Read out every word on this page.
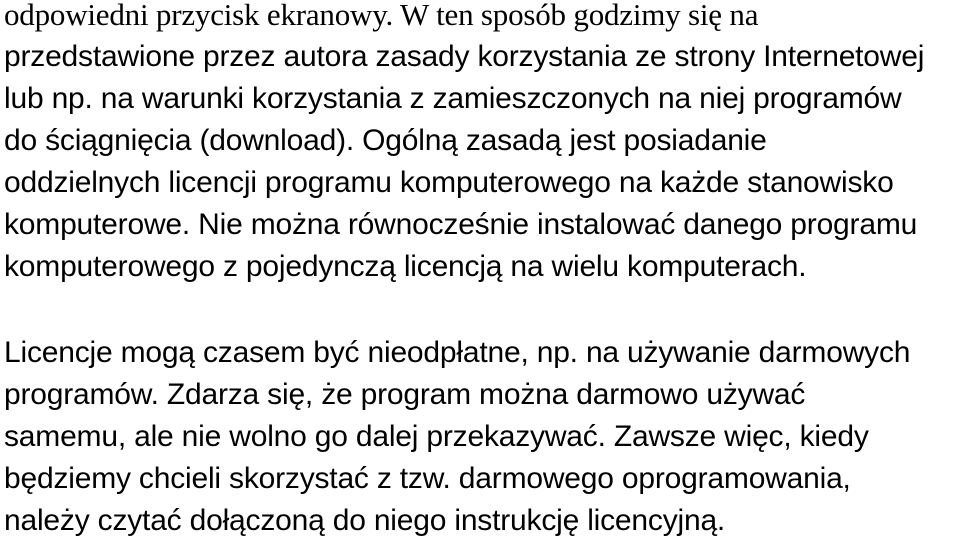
odpowiedni przycisk ekranowy. W ten sposób godzimy się na
przedstawione przez autora zasady korzystania ze strony Internetowej
lub np. na warunki korzystania z zamieszczonych na niej programów
do ściągnięcia (download). Ogólną zasadą jest posiadanie
oddzielnych licencji programu komputerowego na każde stanowisko
komputerowe. Nie można równocześnie instalować danego programu
komputerowego z pojedynczą licencją na wielu komputerach.
Licencje mogą czasem być nieodpłatne, np. na używanie darmowych
programów. Zdarza się, że program można darmowo używać
samemu, ale nie wolno go dalej przekazywać. Zawsze więc, kiedy
będziemy chcieli skorzystać z tzw. darmowego oprogramowania,
należy czytać dołączoną do niego instrukcję licencyjną.
